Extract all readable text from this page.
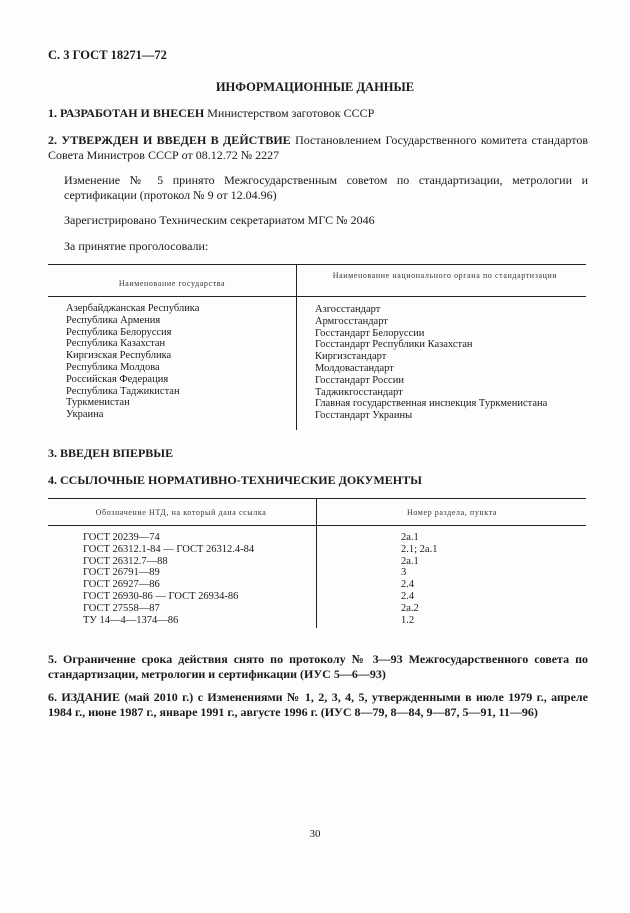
С. 3 ГОСТ 18271—72
ИНФОРМАЦИОННЫЕ ДАННЫЕ
1. РАЗРАБОТАН И ВНЕСЕН Министерством заготовок СССР
2. УТВЕРЖДЕН И ВВЕДЕН В ДЕЙСТВИЕ Постановлением Государственного комитета стандартов Совета Министров СССР от 08.12.72 № 2227
Изменение № 5 принято Межгосударственным советом по стандартизации, метрологии и сертификации (протокол № 9 от 12.04.96)
Зарегистрировано Техническим секретариатом МГС № 2046
За принятие проголосовали:
Наименование государства
Наименование национального органа по стандартизации
Азербайджанская Республика
Республика Армения
Республика Белоруссия
Республика Казахстан
Киргизская Республика
Республика Молдова
Российская Федерация
Республика Таджикистан
Туркменистан
Украина
Азгосстандарт
Армгосстандарт
Госстандарт Белоруссии
Госстандарт Республики Казахстан
Киргизстандарт
Молдовастандарт
Госстандарт России
Таджикгосстандарт
Главная государственная инспекция Туркменистана
Госстандарт Украины
3. ВВЕДЕН ВПЕРВЫЕ
4. ССЫЛОЧНЫЕ НОРМАТИВНО-ТЕХНИЧЕСКИЕ ДОКУМЕНТЫ
Обозначение НТД, на который дана ссылка	Номер раздела, пункта
ГОСТ 20239—74
ГОСТ 26312.1-84 — ГОСТ 26312.4-84
ГОСТ 26312.7—88
ГОСТ 26791—89
ГОСТ 26927—86
ГОСТ 26930-86 — ГОСТ 26934-86
ГОСТ 27558—87
ТУ 14—4—1374—86
2а.1
2.1; 2а.1
2а.1
3
2.4
2.4
2а.2
1.2
5. Ограничение срока действия снято по протоколу № 3—93 Межгосударственного совета по стандартизации, метрологии и сертификации (ИУС 5—6—93)
6. ИЗДАНИЕ (май 2010 г.) с Изменениями № 1, 2, 3, 4, 5, утвержденными в июле 1979 г., апреле 1984 г., июне 1987 г., январе 1991 г., августе 1996 г. (ИУС 8—79, 8—84, 9—87, 5—91, 11—96)
30
